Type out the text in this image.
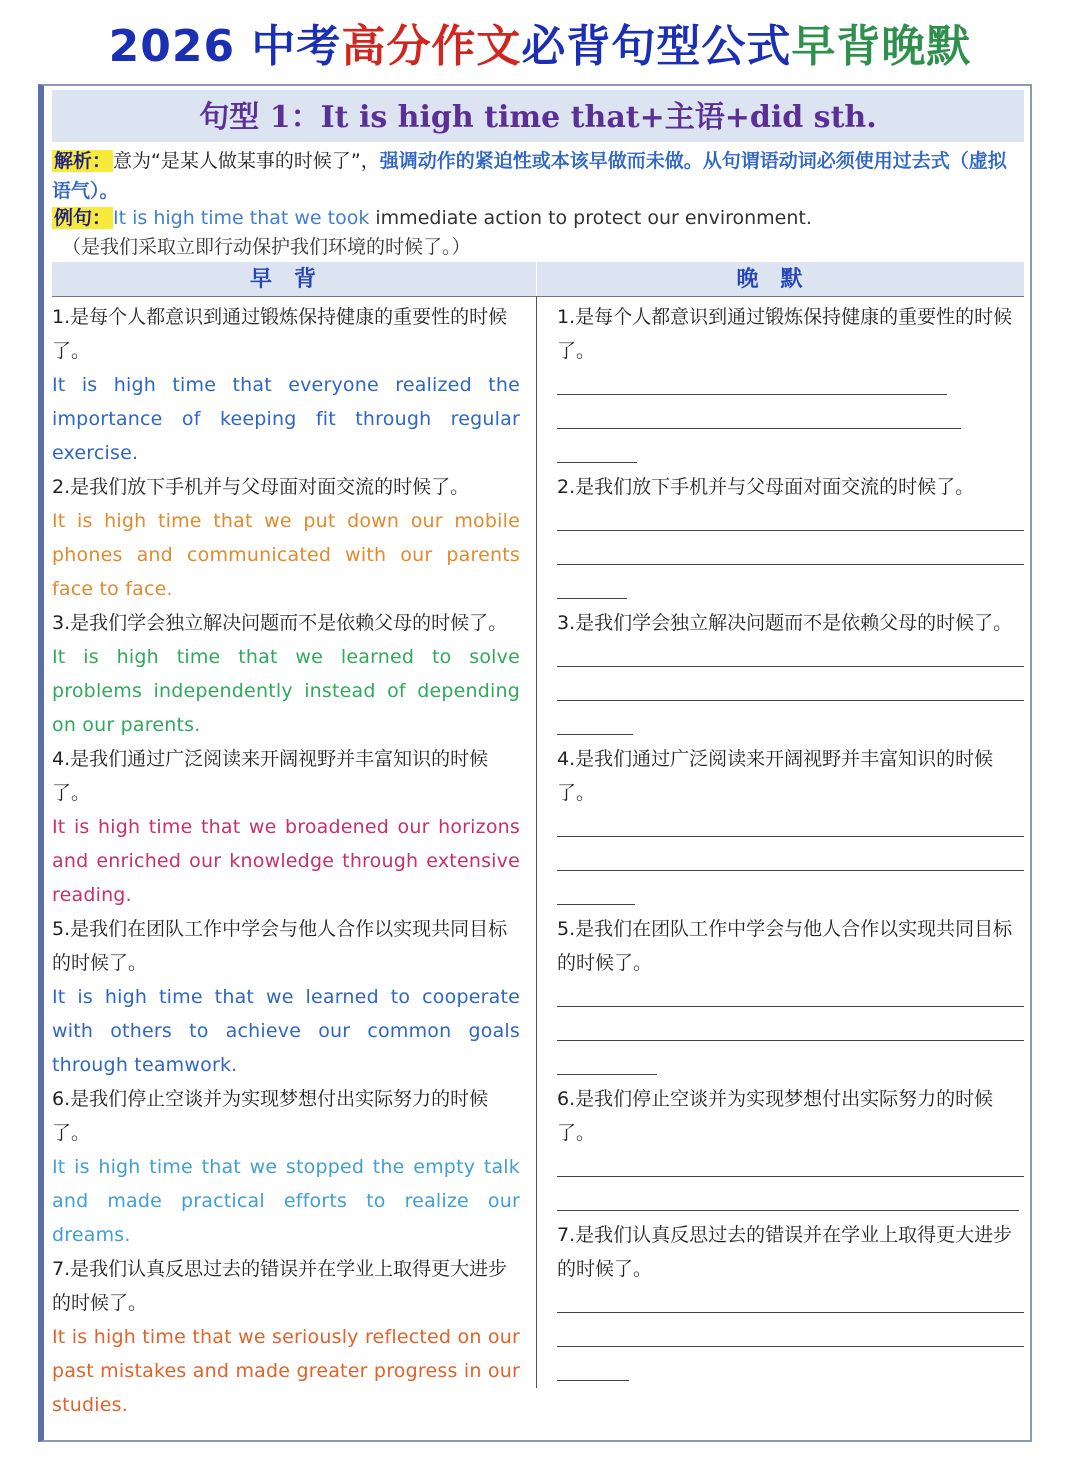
2026 中考高分作文必背句型公式早背晚默
句型 1：It is high time that+主语+did sth.
解析： 意为“是某人做某事的时候了”，强调动作的紧迫性或本该早做而未做。从句谓语动词必须使用过去式（虚拟语气）。
例句： It is high time that we took immediate action to protect our environment.
（是我们采取立即行动保护我们环境的时候了。）
早背	晚默
1.是每个人都意识到通过锻炼保持健康的重要性的时候了。
It is high time that everyone realized the importance of keeping fit through regular exercise.
2.是我们放下手机并与父母面对面交流的时候了。
It is high time that we put down our mobile phones and communicated with our parents face to face.
3.是我们学会独立解决问题而不是依赖父母的时候了。
It is high time that we learned to solve problems independently instead of depending on our parents.
4.是我们通过广泛阅读来开阔视野并丰富知识的时候了。
It is high time that we broadened our horizons and enriched our knowledge through extensive reading.
5.是我们在团队工作中学会与他人合作以实现共同目标的时候了。
It is high time that we learned to cooperate with others to achieve our common goals through teamwork.
6.是我们停止空谈并为实现梦想付出实际努力的时候了。
It is high time that we stopped the empty talk and made practical efforts to realize our dreams.
7.是我们认真反思过去的错误并在学业上取得更大进步的时候了。
It is high time that we seriously reflected on our past mistakes and made greater progress in our studies.
1.是每个人都意识到通过锻炼保持健康的重要性的时候了。
2.是我们放下手机并与父母面对面交流的时候了。
3.是我们学会独立解决问题而不是依赖父母的时候了。
4.是我们通过广泛阅读来开阔视野并丰富知识的时候了。
5.是我们在团队工作中学会与他人合作以实现共同目标的时候了。
6.是我们停止空谈并为实现梦想付出实际努力的时候了。
7.是我们认真反思过去的错误并在学业上取得更大进步的时候了。
